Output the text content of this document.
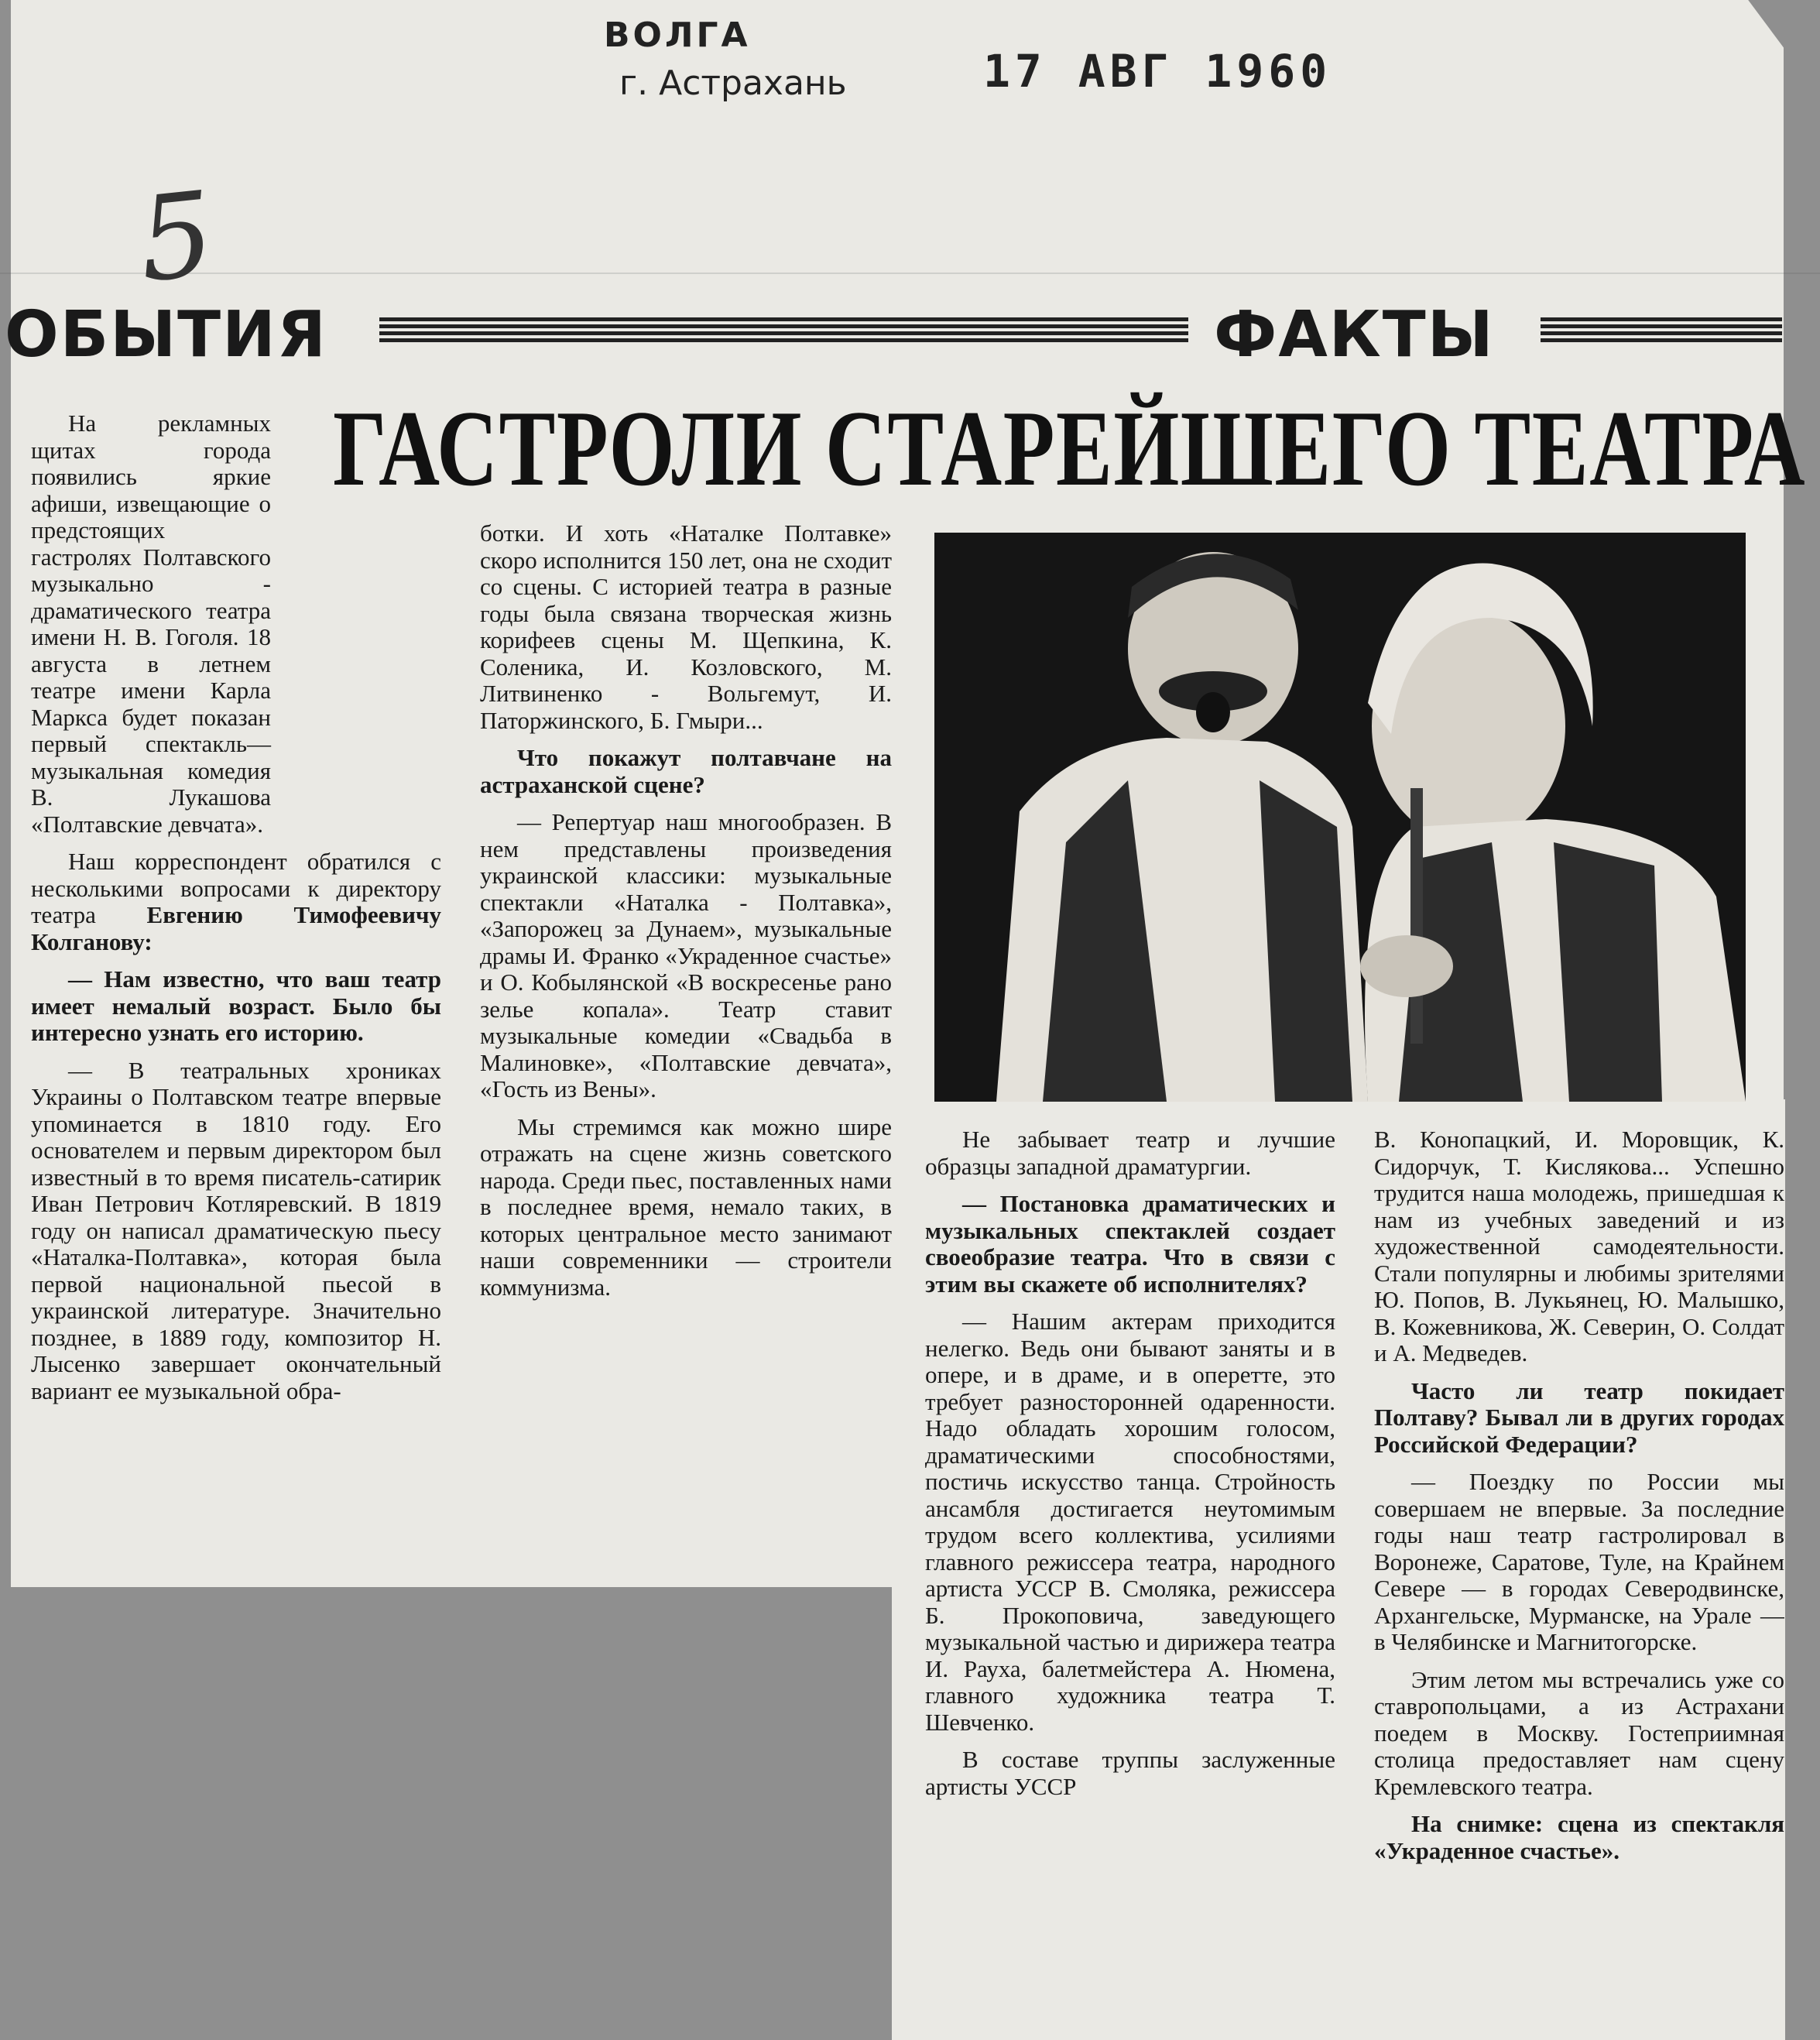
ВОЛГА
г. Астрахань	17 АВГ 1960
5
ОБЫТИЯ	ФАКТЫ
ГАСТРОЛИ СТАРЕЙШЕГО ТЕАТРА

На рекламных щитах города появились яркие афиши, извещающие о предстоящих гастролях Полтавского музыкально - драматического театра имени Н. В. Гоголя. 18 августа в летнем театре имени Карла Маркса будет показан первый спектакль— музыкальная комедия В. Лукашова «Полтавские девчата».

Наш корреспондент обратился с несколькими вопросами к директору театра Евгению Тимофеевичу Колганову:

— Нам известно, что ваш театр имеет немалый возраст. Было бы интересно узнать его историю.

— В театральных хрониках Украины о Полтавском театре впервые упоминается в 1810 году. Его основателем и первым директором был известный в то время писатель-сатирик Иван Петрович Котляревский. В 1819 году он написал драматическую пьесу «Наталка-Полтавка», которая была первой национальной пьесой в украинской литературе. Значительно позднее, в 1889 году, композитор Н. Лысенко завершает окончательный вариант ее музыкальной обра-

ботки. И хоть «Наталке Полтавке» скоро исполнится 150 лет, она не сходит со сцены. С историей театра в разные годы была связана творческая жизнь корифеев сцены М. Щепкина, К. Соленика, И. Козловского, М. Литвиненко - Вольгемут, И. Паторжинского, Б. Гмыри...

Что покажут полтавчане на астраханской сцене?

— Репертуар наш многообразен. В нем представлены произведения украинской классики: музыкальные спектакли «Наталка - Полтавка», «Запорожец за Дунаем», музыкальные драмы И. Франко «Украденное счастье» и О. Кобылянской «В воскресенье рано зелье копала». Театр ставит музыкальные комедии «Свадьба в Малиновке», «Полтавские девчата», «Гость из Вены».

Мы стремимся как можно шире отражать на сцене жизнь советского народа. Среди пьес, поставленных нами в последнее время, немало таких, в которых центральное место занимают наши современники — строители коммунизма.

Не забывает театр и лучшие образцы западной драматургии.

— Постановка драматических и музыкальных спектаклей создает своеобразие театра. Что в связи с этим вы скажете об исполнителях?

— Нашим актерам приходится нелегко. Ведь они бывают заняты и в опере, и в драме, и в оперетте, это требует разносторонней одаренности. Надо обладать хорошим голосом, драматическими способностями, постичь искусство танца. Стройность ансамбля достигается неутомимым трудом всего коллектива, усилиями главного режиссера театра, народного артиста УССР В. Смоляка, режиссера Б. Прокоповича, заведующего музыкальной частью и дирижера театра И. Рауха, балетмейстера А. Нюмена, главного художника театра Т. Шевченко.

В составе труппы заслуженные артисты УССР

В. Конопацкий, И. Моровщик, К. Сидорчук, Т. Кислякова... Успешно трудится наша молодежь, пришедшая к нам из учебных заведений и из художественной самодеятельности. Стали популярны и любимы зрителями Ю. Попов, В. Лукьянец, Ю. Малышко, В. Кожевникова, Ж. Северин, О. Солдат и А. Медведев.

Часто ли театр покидает Полтаву? Бывал ли в других городах Российской Федерации?

— Поездку по России мы совершаем не впервые. За последние годы наш театр гастролировал в Воронеже, Саратове, Туле, на Крайнем Севере — в городах Северодвинске, Архангельске, Мурманске, на Урале — в Челябинске и Магнитогорске.

Этим летом мы встречались уже со ставропольцами, а из Астрахани поедем в Москву. Гостеприимная столица предоставляет нам сцену Кремлевского театра.

На снимке: сцена из спектакля «Украденное счастье».
